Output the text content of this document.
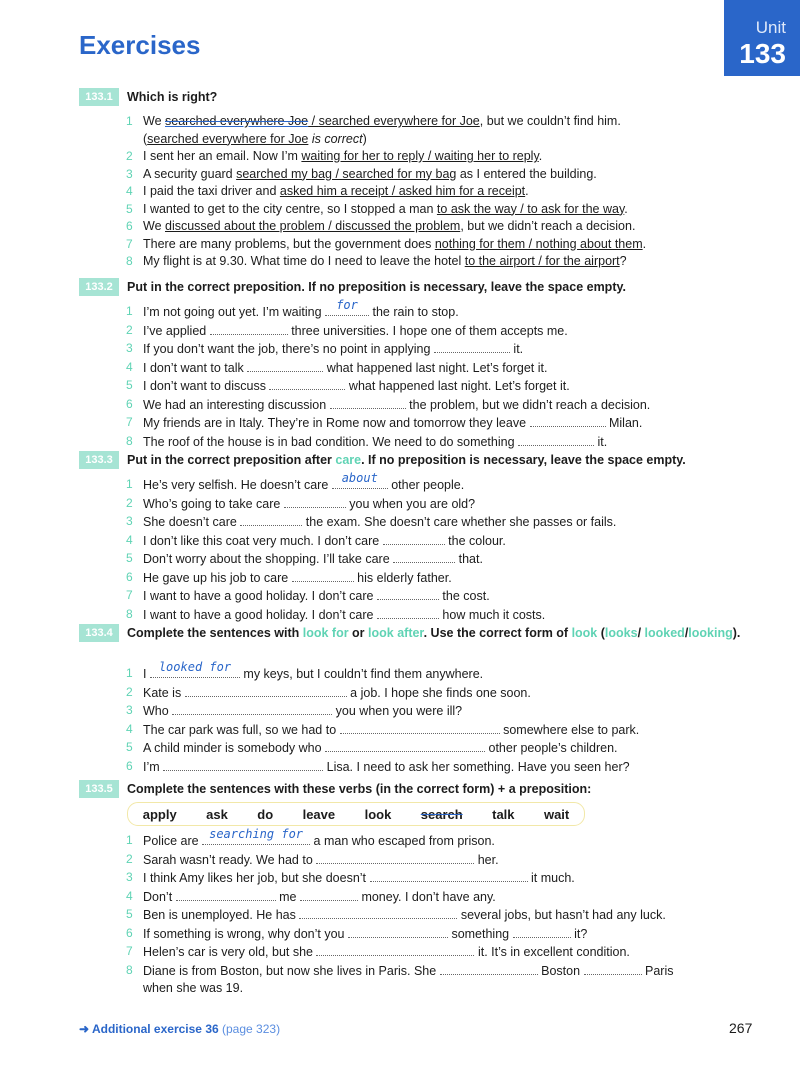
Exercises
Unit
133
133.1	Which is right?
1 We searched everywhere Joe / searched everywhere for Joe, but we couldn’t find him.
(searched everywhere for Joe is correct)
2 I sent her an email. Now I’m waiting for her to reply / waiting her to reply.
3 A security guard searched my bag / searched for my bag as I entered the building.
4 I paid the taxi driver and asked him a receipt / asked him for a receipt.
5 I wanted to get to the city centre, so I stopped a man to ask the way / to ask for the way.
6 We discussed about the problem / discussed the problem, but we didn’t reach a decision.
7 There are many problems, but the government does nothing for them / nothing about them.
8 My flight is at 9.30. What time do I need to leave the hotel to the airport / for the airport?
133.2	Put in the correct preposition. If no preposition is necessary, leave the space empty.
1 I’m not going out yet. I’m waiting
for
the rain to stop.
2 I’ve applied	three universities. I hope one of them accepts me.
3 If you don’t want the job, there’s no point in applying	it.
4 I don’t want to talk	what happened last night. Let’s forget it.
5 I don’t want to discuss	what happened last night. Let’s forget it.
6 We had an interesting discussion	the problem, but we didn’t reach a decision.
7 My friends are in Italy. They’re in Rome now and tomorrow they leave	Milan.
8 The roof of the house is in bad condition. We need to do something	it.
133.3	Put in the correct preposition after care. If no preposition is necessary, leave the space empty.
1 He’s very selfish. He doesn’t care
about
other people.
2 Who’s going to take care	you when you are old?
3 She doesn’t care	the exam. She doesn’t care whether she passes or fails.
4 I don’t like this coat very much. I don’t care	the colour.
5 Don’t worry about the shopping. I’ll take care	that.
6 He gave up his job to care	his elderly father.
7 I want to have a good holiday. I don’t care	the cost.
8 I want to have a good holiday. I don’t care	how much it costs.
133.4	Complete the sentences with look for or look after. Use the correct form of look (looks/ looked/looking).
1 I
looked for
my keys, but I couldn’t find them anywhere.
2 Kate is	a job. I hope she finds one soon.
3 Who	you when you were ill?
4 The car park was full, so we had to	somewhere else to park.
5 A child minder is somebody who	other people’s children.
6 I’m	Lisa. I need to ask her something. Have you seen her?
133.5	Complete the sentences with these verbs (in the correct form) + a preposition:
apply ask do leave look search talk wait
1 Police are
searching for
a man who escaped from prison.
2 Sarah wasn’t ready. We had to	her.
3 I think Amy likes her job, but she doesn’t	it much.
4 Don’t	me	money. I don’t have any.
5 Ben is unemployed. He has	several jobs, but hasn’t had any luck.
6 If something is wrong, why don’t you	something	it?
7 Helen’s car is very old, but she	it. It’s in excellent condition.
8 Diane is from Boston, but now she lives in Paris. She	Boston	Paris
when she was 19.
➜ Additional exercise 36 (page 323)	267
